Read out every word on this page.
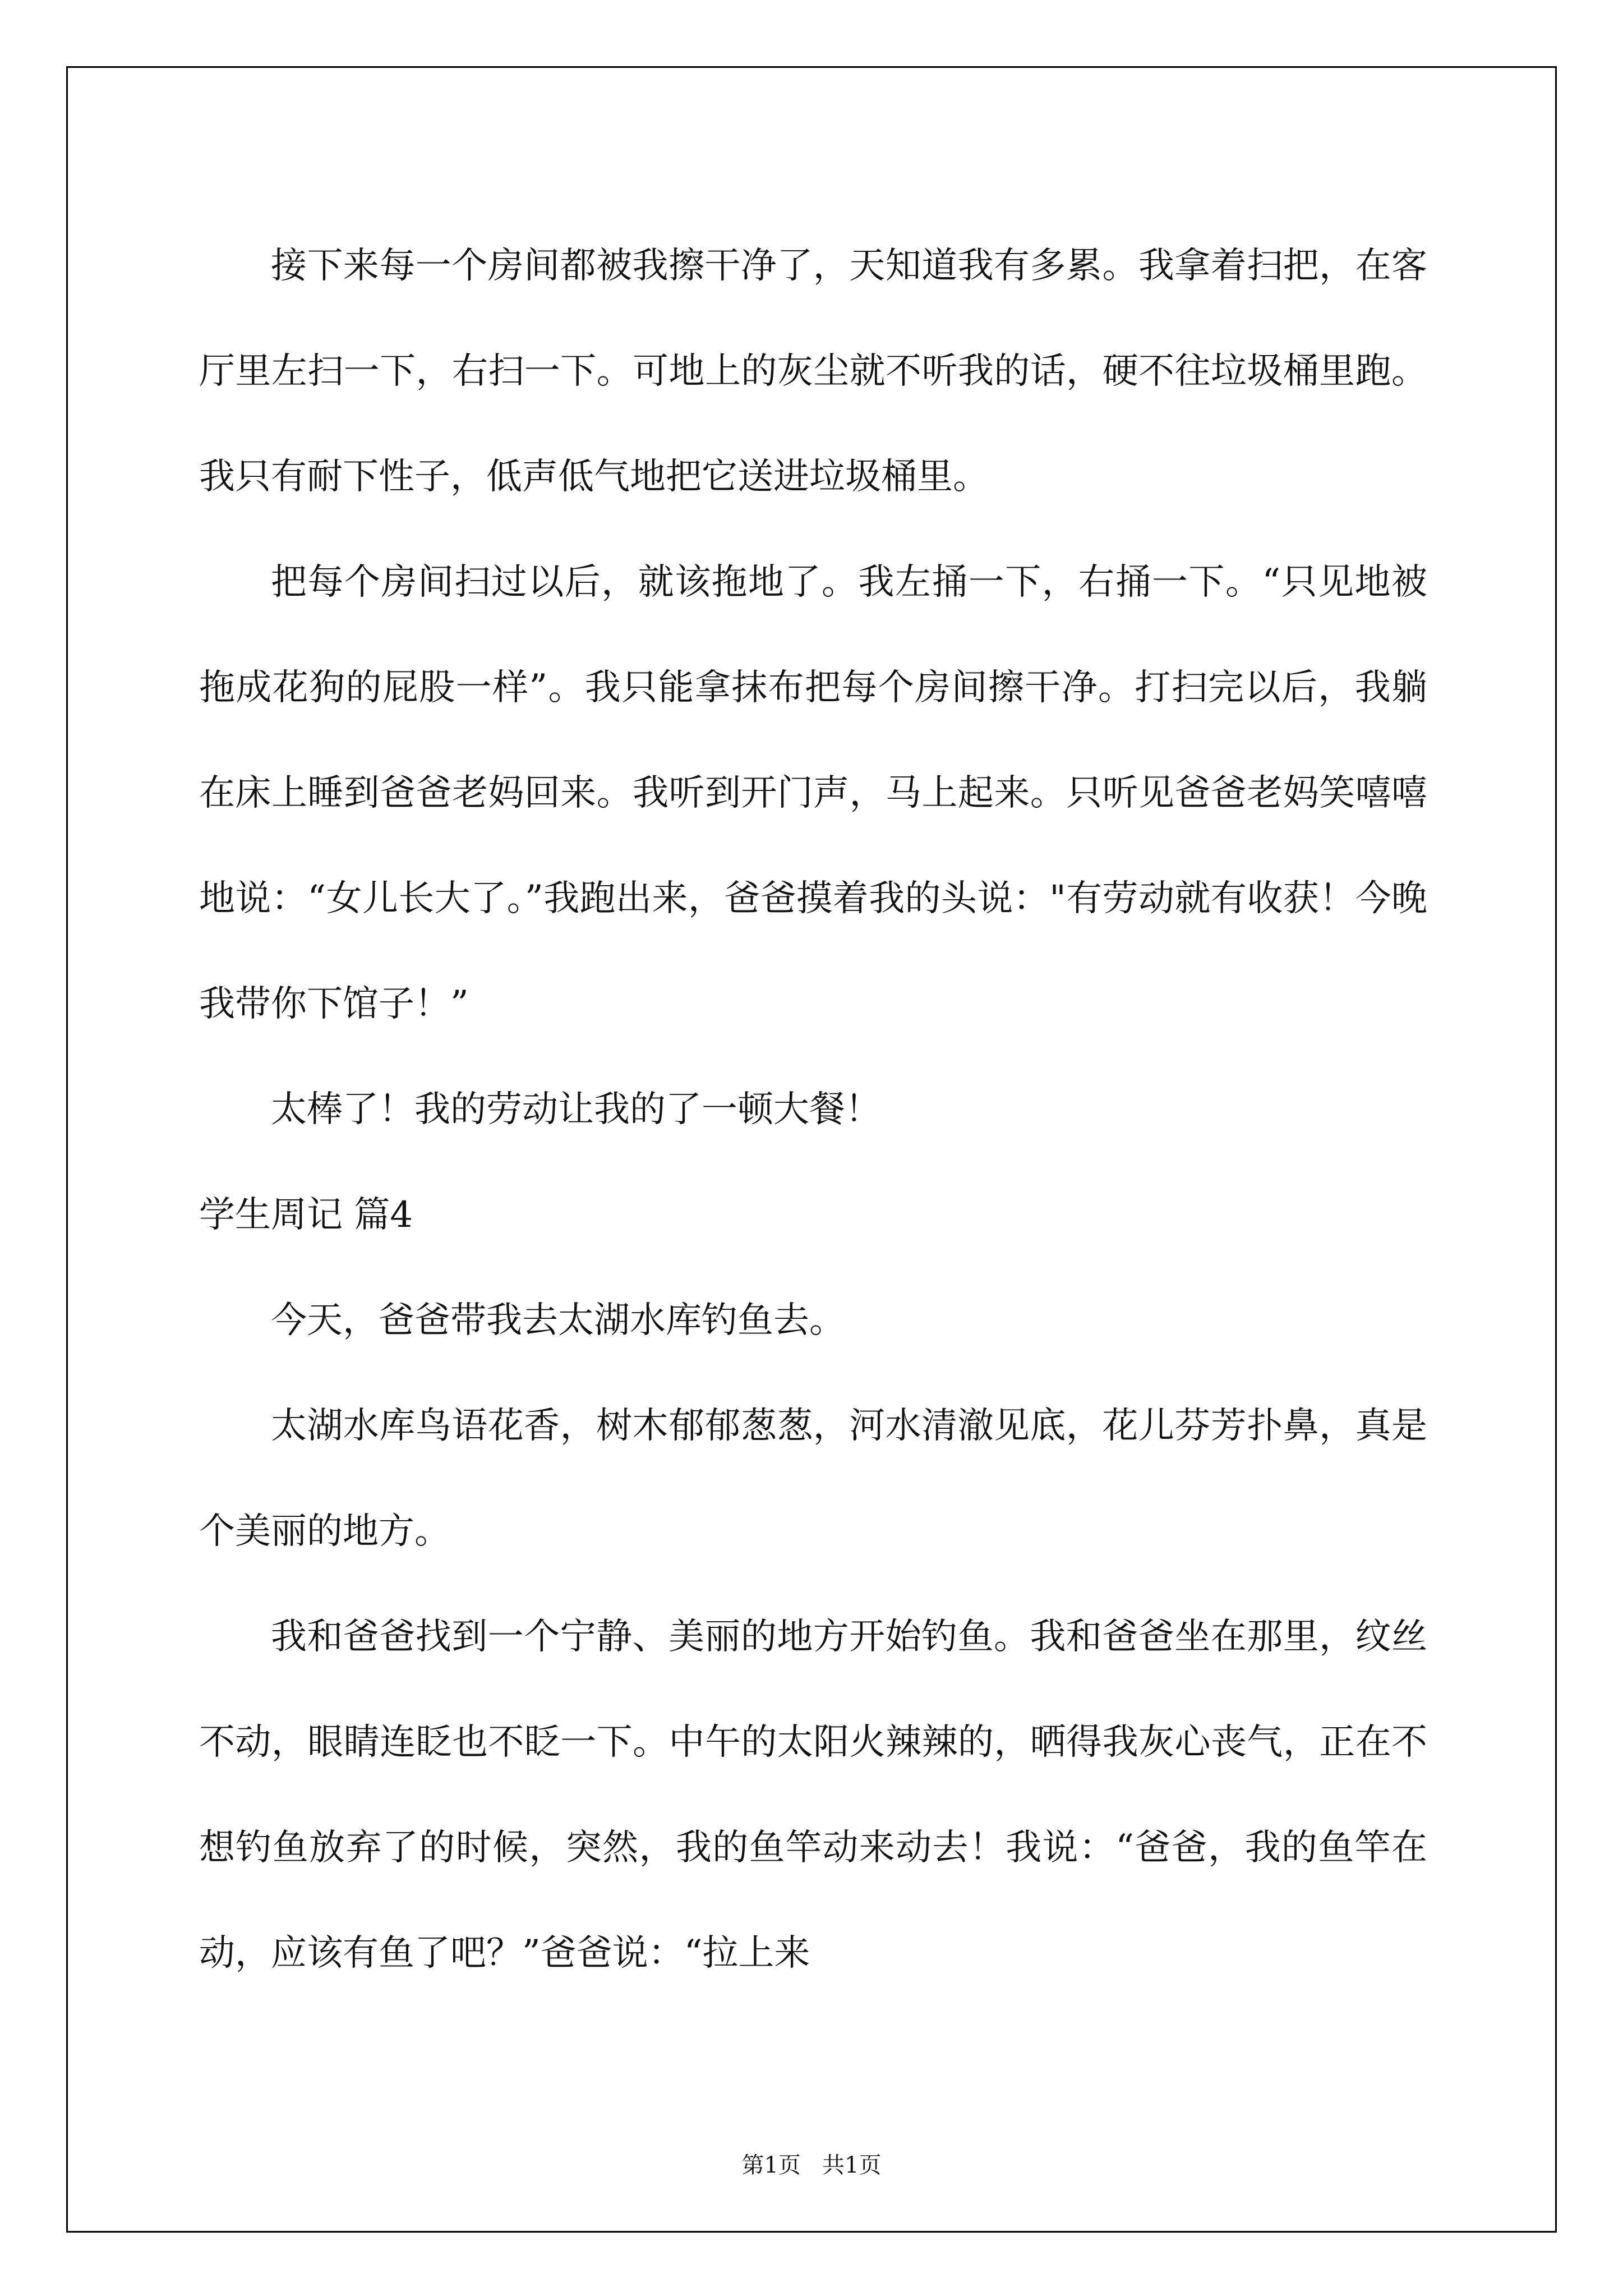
接下来每一个房间都被我擦干净了，天知道我有多累。我拿着扫把，在客厅里左扫一下，右扫一下。可地上的灰尘就不听我的话，硬不往垃圾桶里跑。我只有耐下性子，低声低气地把它送进垃圾桶里。

把每个房间扫过以后，就该拖地了。我左捅一下，右捅一下。“只见地被拖成花狗的屁股一样”。我只能拿抹布把每个房间擦干净。打扫完以后，我躺在床上睡到爸爸老妈回来。我听到开门声，马上起来。只听见爸爸老妈笑嘻嘻地说：“女儿长大了。”我跑出来，爸爸摸着我的头说："有劳动就有收获！今晚我带你下馆子！”

太棒了！我的劳动让我的了一顿大餐！

学生周记 篇4

今天，爸爸带我去太湖水库钓鱼去。

太湖水库鸟语花香，树木郁郁葱葱，河水清澈见底，花儿芬芳扑鼻，真是个美丽的地方。

我和爸爸找到一个宁静、美丽的地方开始钓鱼。我和爸爸坐在那里，纹丝不动，眼睛连眨也不眨一下。中午的太阳火辣辣的，晒得我灰心丧气，正在不想钓鱼放弃了的时候，突然，我的鱼竿动来动去！我说：“爸爸，我的鱼竿在动，应该有鱼了吧？”爸爸说：“拉上来

第1页   共1页
